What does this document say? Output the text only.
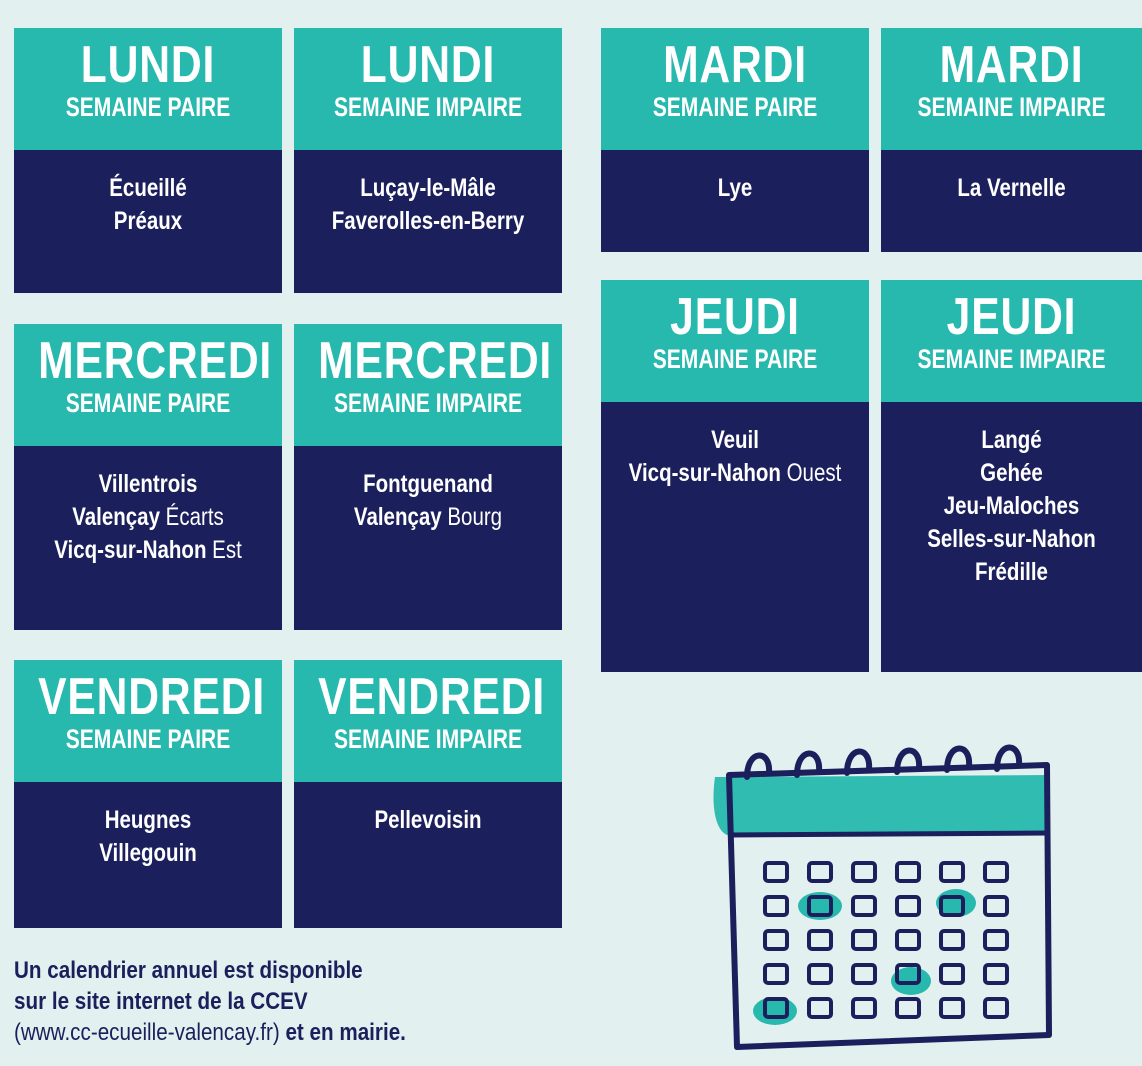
LUNDI
SEMAINE PAIRE
Écueillé
Préaux
LUNDI
SEMAINE IMPAIRE
Luçay-le-Mâle
Faverolles-en-Berry
MARDI
SEMAINE PAIRE
Lye
MARDI
SEMAINE IMPAIRE
La Vernelle
MERCREDI
SEMAINE PAIRE
Villentrois
Valençay Écarts
Vicq-sur-Nahon Est
MERCREDI
SEMAINE IMPAIRE
Fontguenand
Valençay Bourg
JEUDI
SEMAINE PAIRE
Veuil
Vicq-sur-Nahon Ouest
JEUDI
SEMAINE IMPAIRE
Langé
Gehée
Jeu-Maloches
Selles-sur-Nahon
Frédille
VENDREDI
SEMAINE PAIRE
Heugnes
Villegouin
VENDREDI
SEMAINE IMPAIRE
Pellevoisin
Un calendrier annuel est disponible
sur le site internet de la CCEV
(www.cc-ecueille-valencay.fr) et en mairie.
